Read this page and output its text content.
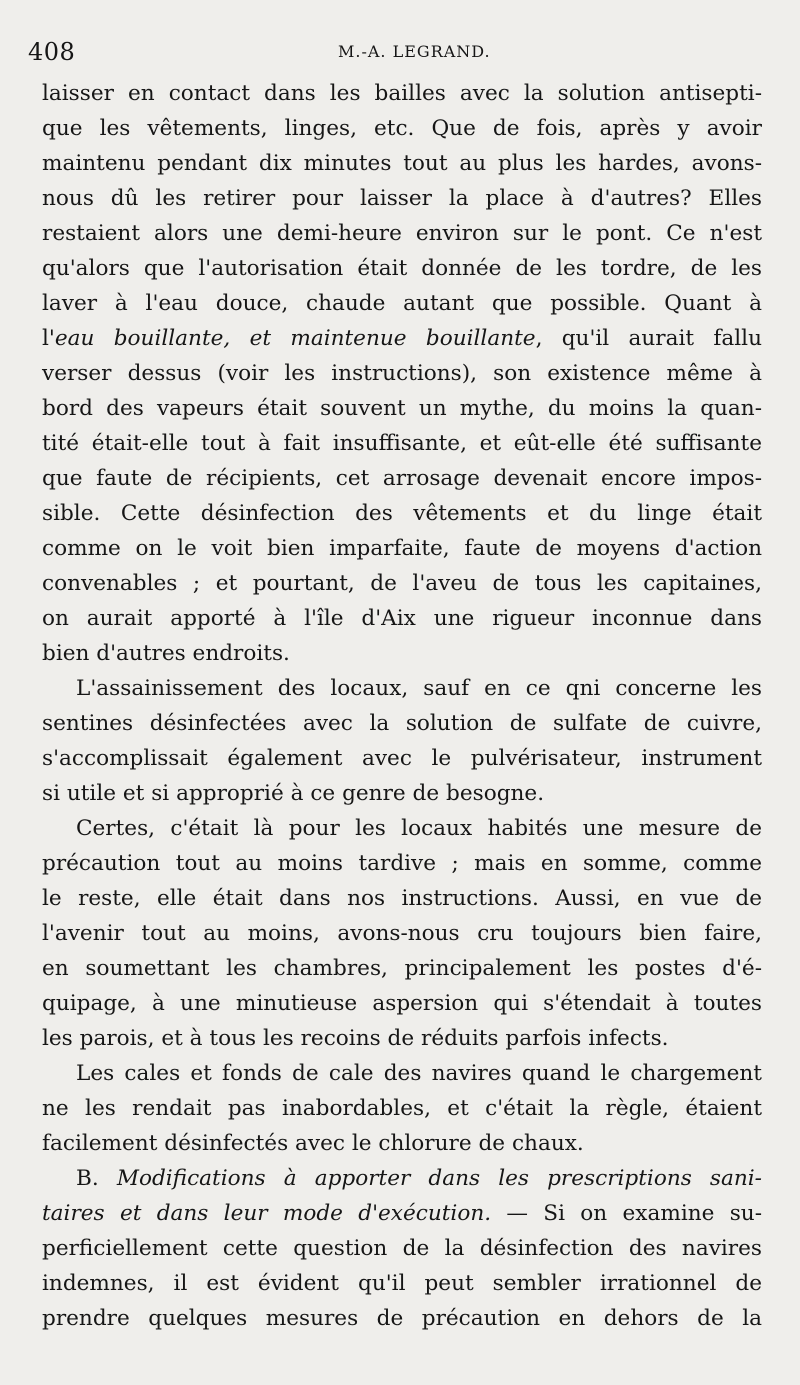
408	M.-A. LEGRAND.
laisser en contact dans les bailles avec la solution antisepti-
que les vêtements, linges, etc. Que de fois, après y avoir
maintenu pendant dix minutes tout au plus les hardes, avons-
nous dû les retirer pour laisser la place à d'autres? Elles
restaient alors une demi-heure environ sur le pont. Ce n'est
qu'alors que l'autorisation était donnée de les tordre, de les
laver à l'eau douce, chaude autant que possible. Quant à
l'eau bouillante, et maintenue bouillante, qu'il aurait fallu
verser dessus (voir les instructions), son existence même à
bord des vapeurs était souvent un mythe, du moins la quan-
tité était-elle tout à fait insuffisante, et eût-elle été suffisante
que faute de récipients, cet arrosage devenait encore impos-
sible. Cette désinfection des vêtements et du linge était
comme on le voit bien imparfaite, faute de moyens d'action
convenables ; et pourtant, de l'aveu de tous les capitaines,
on aurait apporté à l'île d'Aix une rigueur inconnue dans
bien d'autres endroits.
L'assainissement des locaux, sauf en ce qni concerne les
sentines désinfectées avec la solution de sulfate de cuivre,
s'accomplissait également avec le pulvérisateur, instrument
si utile et si approprié à ce genre de besogne.
Certes, c'était là pour les locaux habités une mesure de
précaution tout au moins tardive ; mais en somme, comme
le reste, elle était dans nos instructions. Aussi, en vue de
l'avenir tout au moins, avons-nous cru toujours bien faire,
en soumettant les chambres, principalement les postes d'é-
quipage, à une minutieuse aspersion qui s'étendait à toutes
les parois, et à tous les recoins de réduits parfois infects.
Les cales et fonds de cale des navires quand le chargement
ne les rendait pas inabordables, et c'était la règle, étaient
facilement désinfectés avec le chlorure de chaux.
B. Modifications à apporter dans les prescriptions sani-
taires et dans leur mode d'exécution. — Si on examine su-
perficiellement cette question de la désinfection des navires
indemnes, il est évident qu'il peut sembler irrationnel de
prendre quelques mesures de précaution en dehors de la
